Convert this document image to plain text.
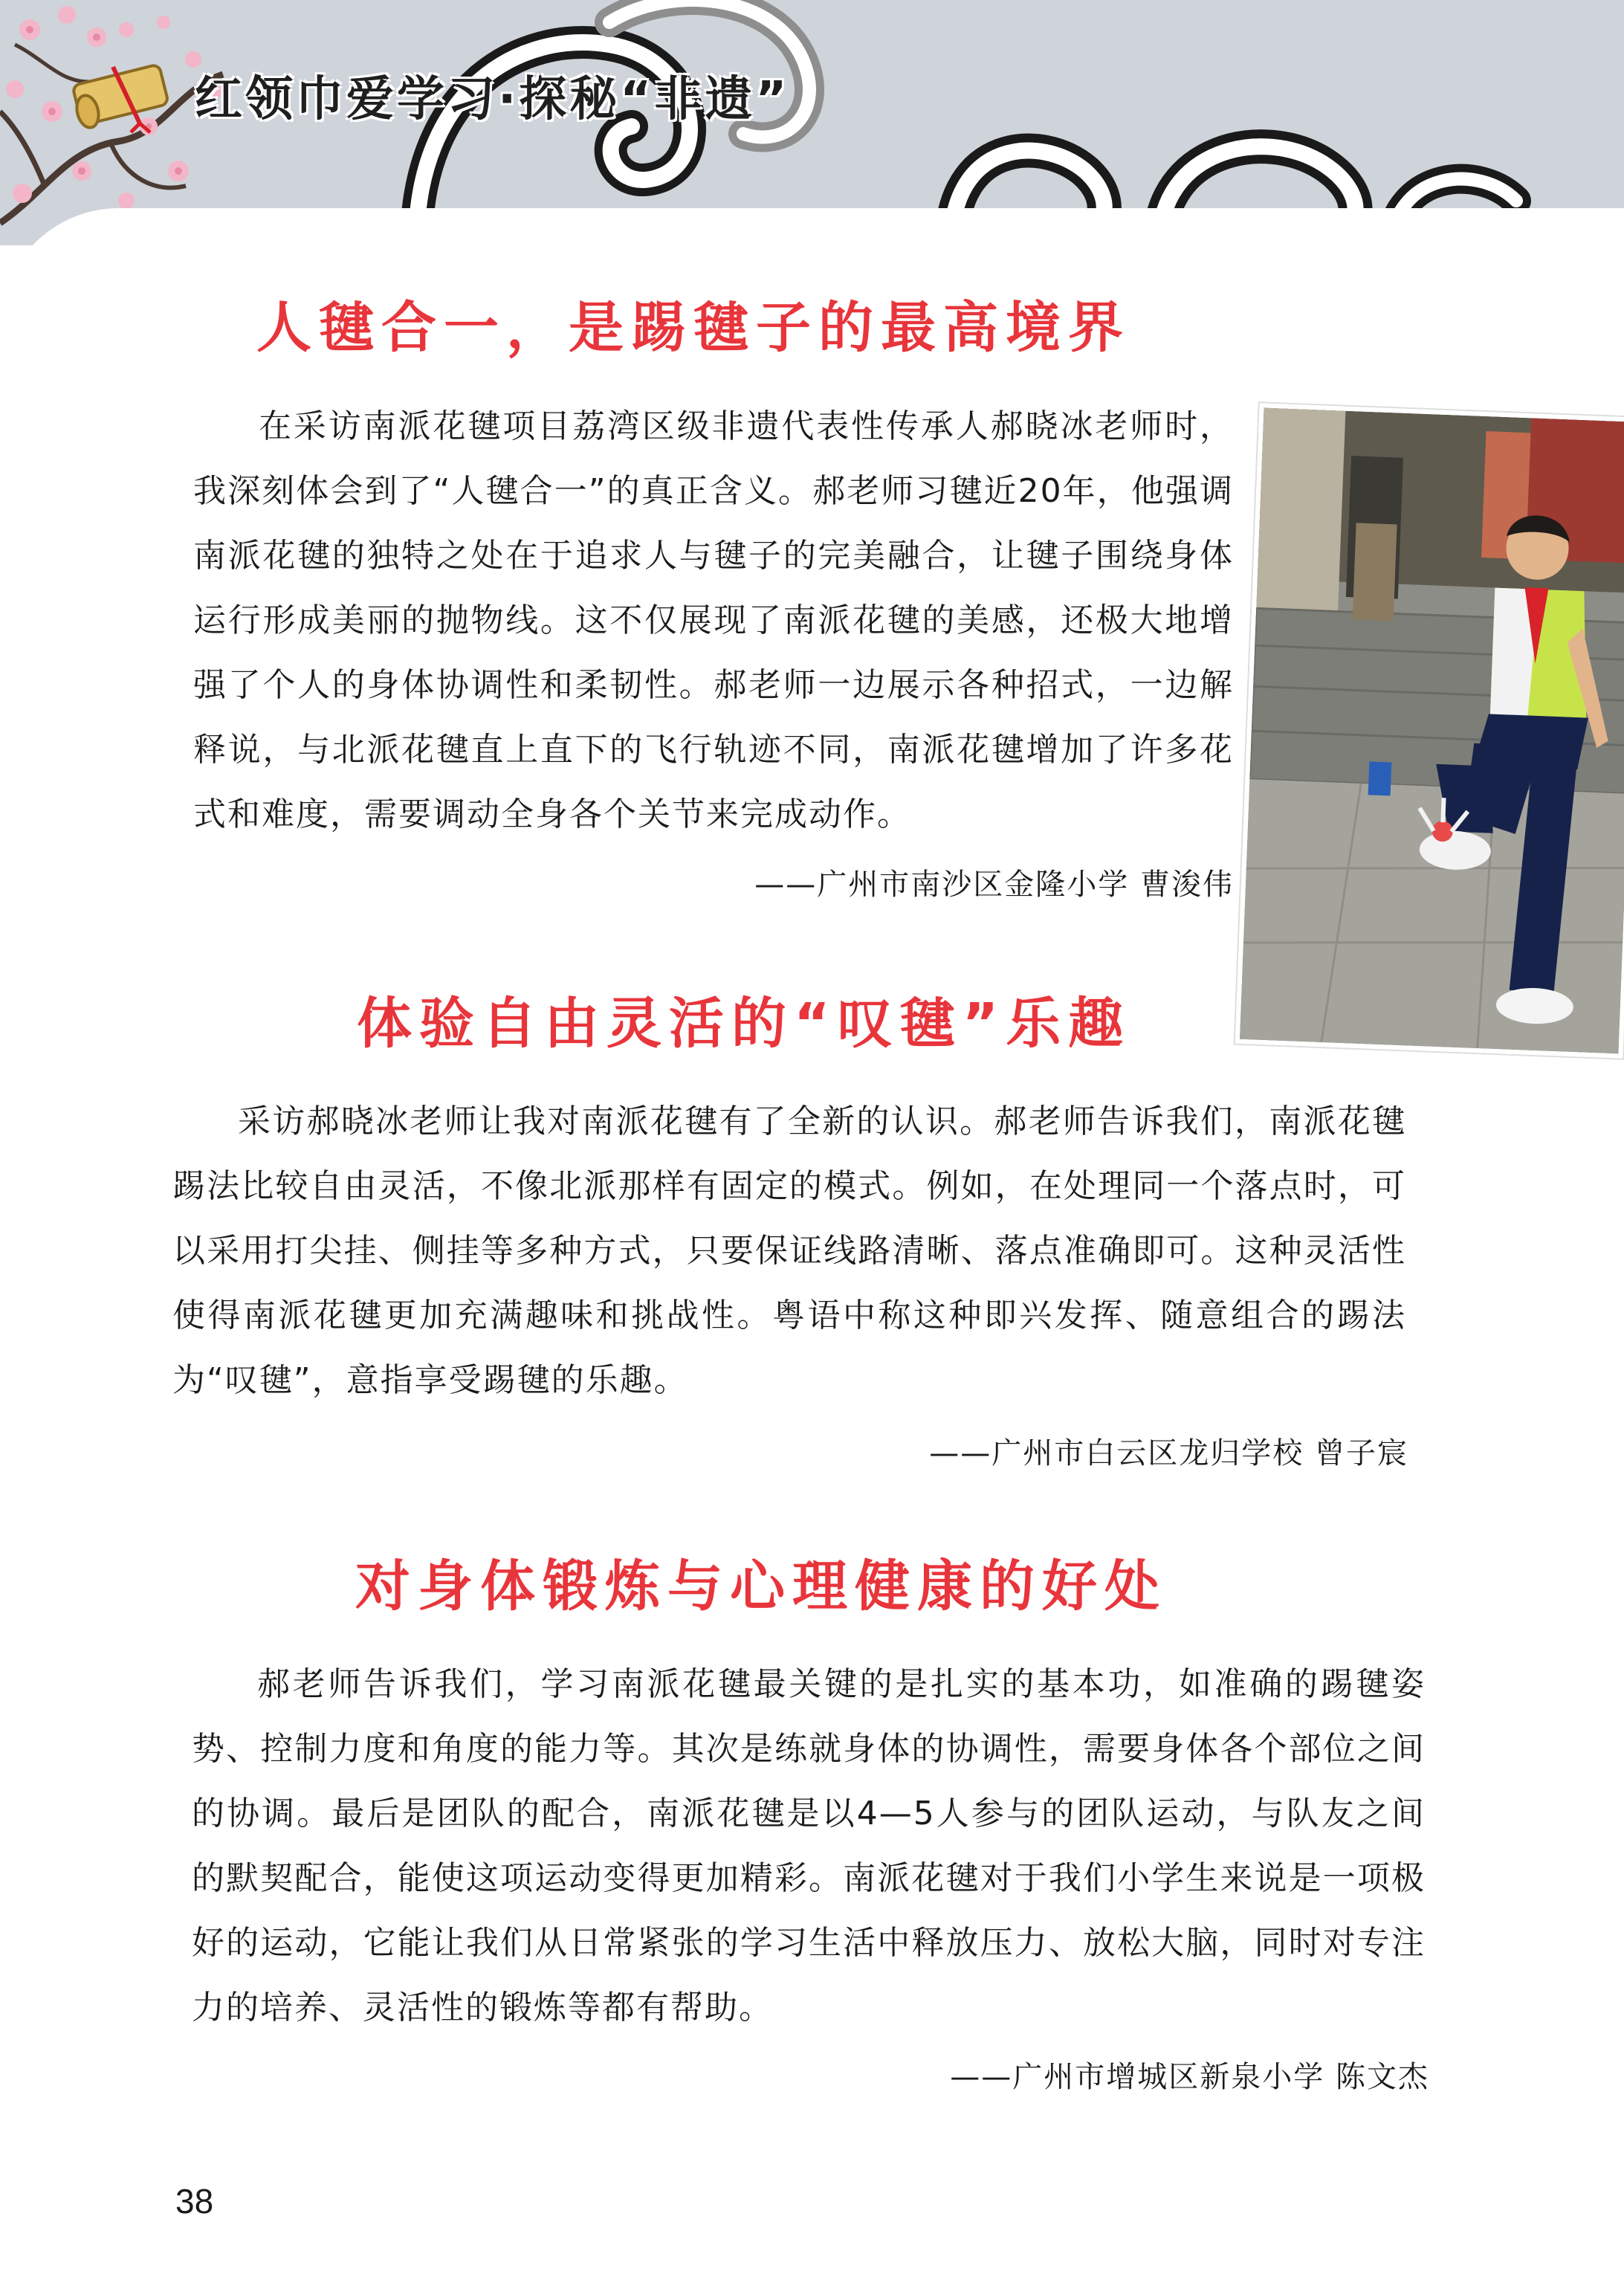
红领巾爱学习·探秘“非遗”
人毽合一，是踢毽子的最高境界

在采访南派花毽项目荔湾区级非遗代表性传承人郝晓冰老师时，我深刻体会到了“人毽合一”的真正含义。郝老师习毽近20年，他强调南派花毽的独特之处在于追求人与毽子的完美融合，让毽子围绕身体运行形成美丽的抛物线。这不仅展现了南派花毽的美感，还极大地增强了个人的身体协调性和柔韧性。郝老师一边展示各种招式，一边解释说，与北派花毽直上直下的飞行轨迹不同，南派花毽增加了许多花式和难度，需要调动全身各个关节来完成动作。

——广州市南沙区金隆小学 曹浚伟

体验自由灵活的“叹毽”乐趣

采访郝晓冰老师让我对南派花毽有了全新的认识。郝老师告诉我们，南派花毽踢法比较自由灵活，不像北派那样有固定的模式。例如，在处理同一个落点时，可以采用打尖挂、侧挂等多种方式，只要保证线路清晰、落点准确即可。这种灵活性使得南派花毽更加充满趣味和挑战性。粤语中称这种即兴发挥、随意组合的踢法为“叹毽”，意指享受踢毽的乐趣。

——广州市白云区龙归学校 曾子宸

对身体锻炼与心理健康的好处

郝老师告诉我们，学习南派花毽最关键的是扎实的基本功，如准确的踢毽姿势、控制力度和角度的能力等。其次是练就身体的协调性，需要身体各个部位之间的协调。最后是团队的配合，南派花毽是以4—5人参与的团队运动，与队友之间的默契配合，能使这项运动变得更加精彩。南派花毽对于我们小学生来说是一项极好的运动，它能让我们从日常紧张的学习生活中释放压力、放松大脑，同时对专注力的培养、灵活性的锻炼等都有帮助。

——广州市增城区新泉小学 陈文杰

38
